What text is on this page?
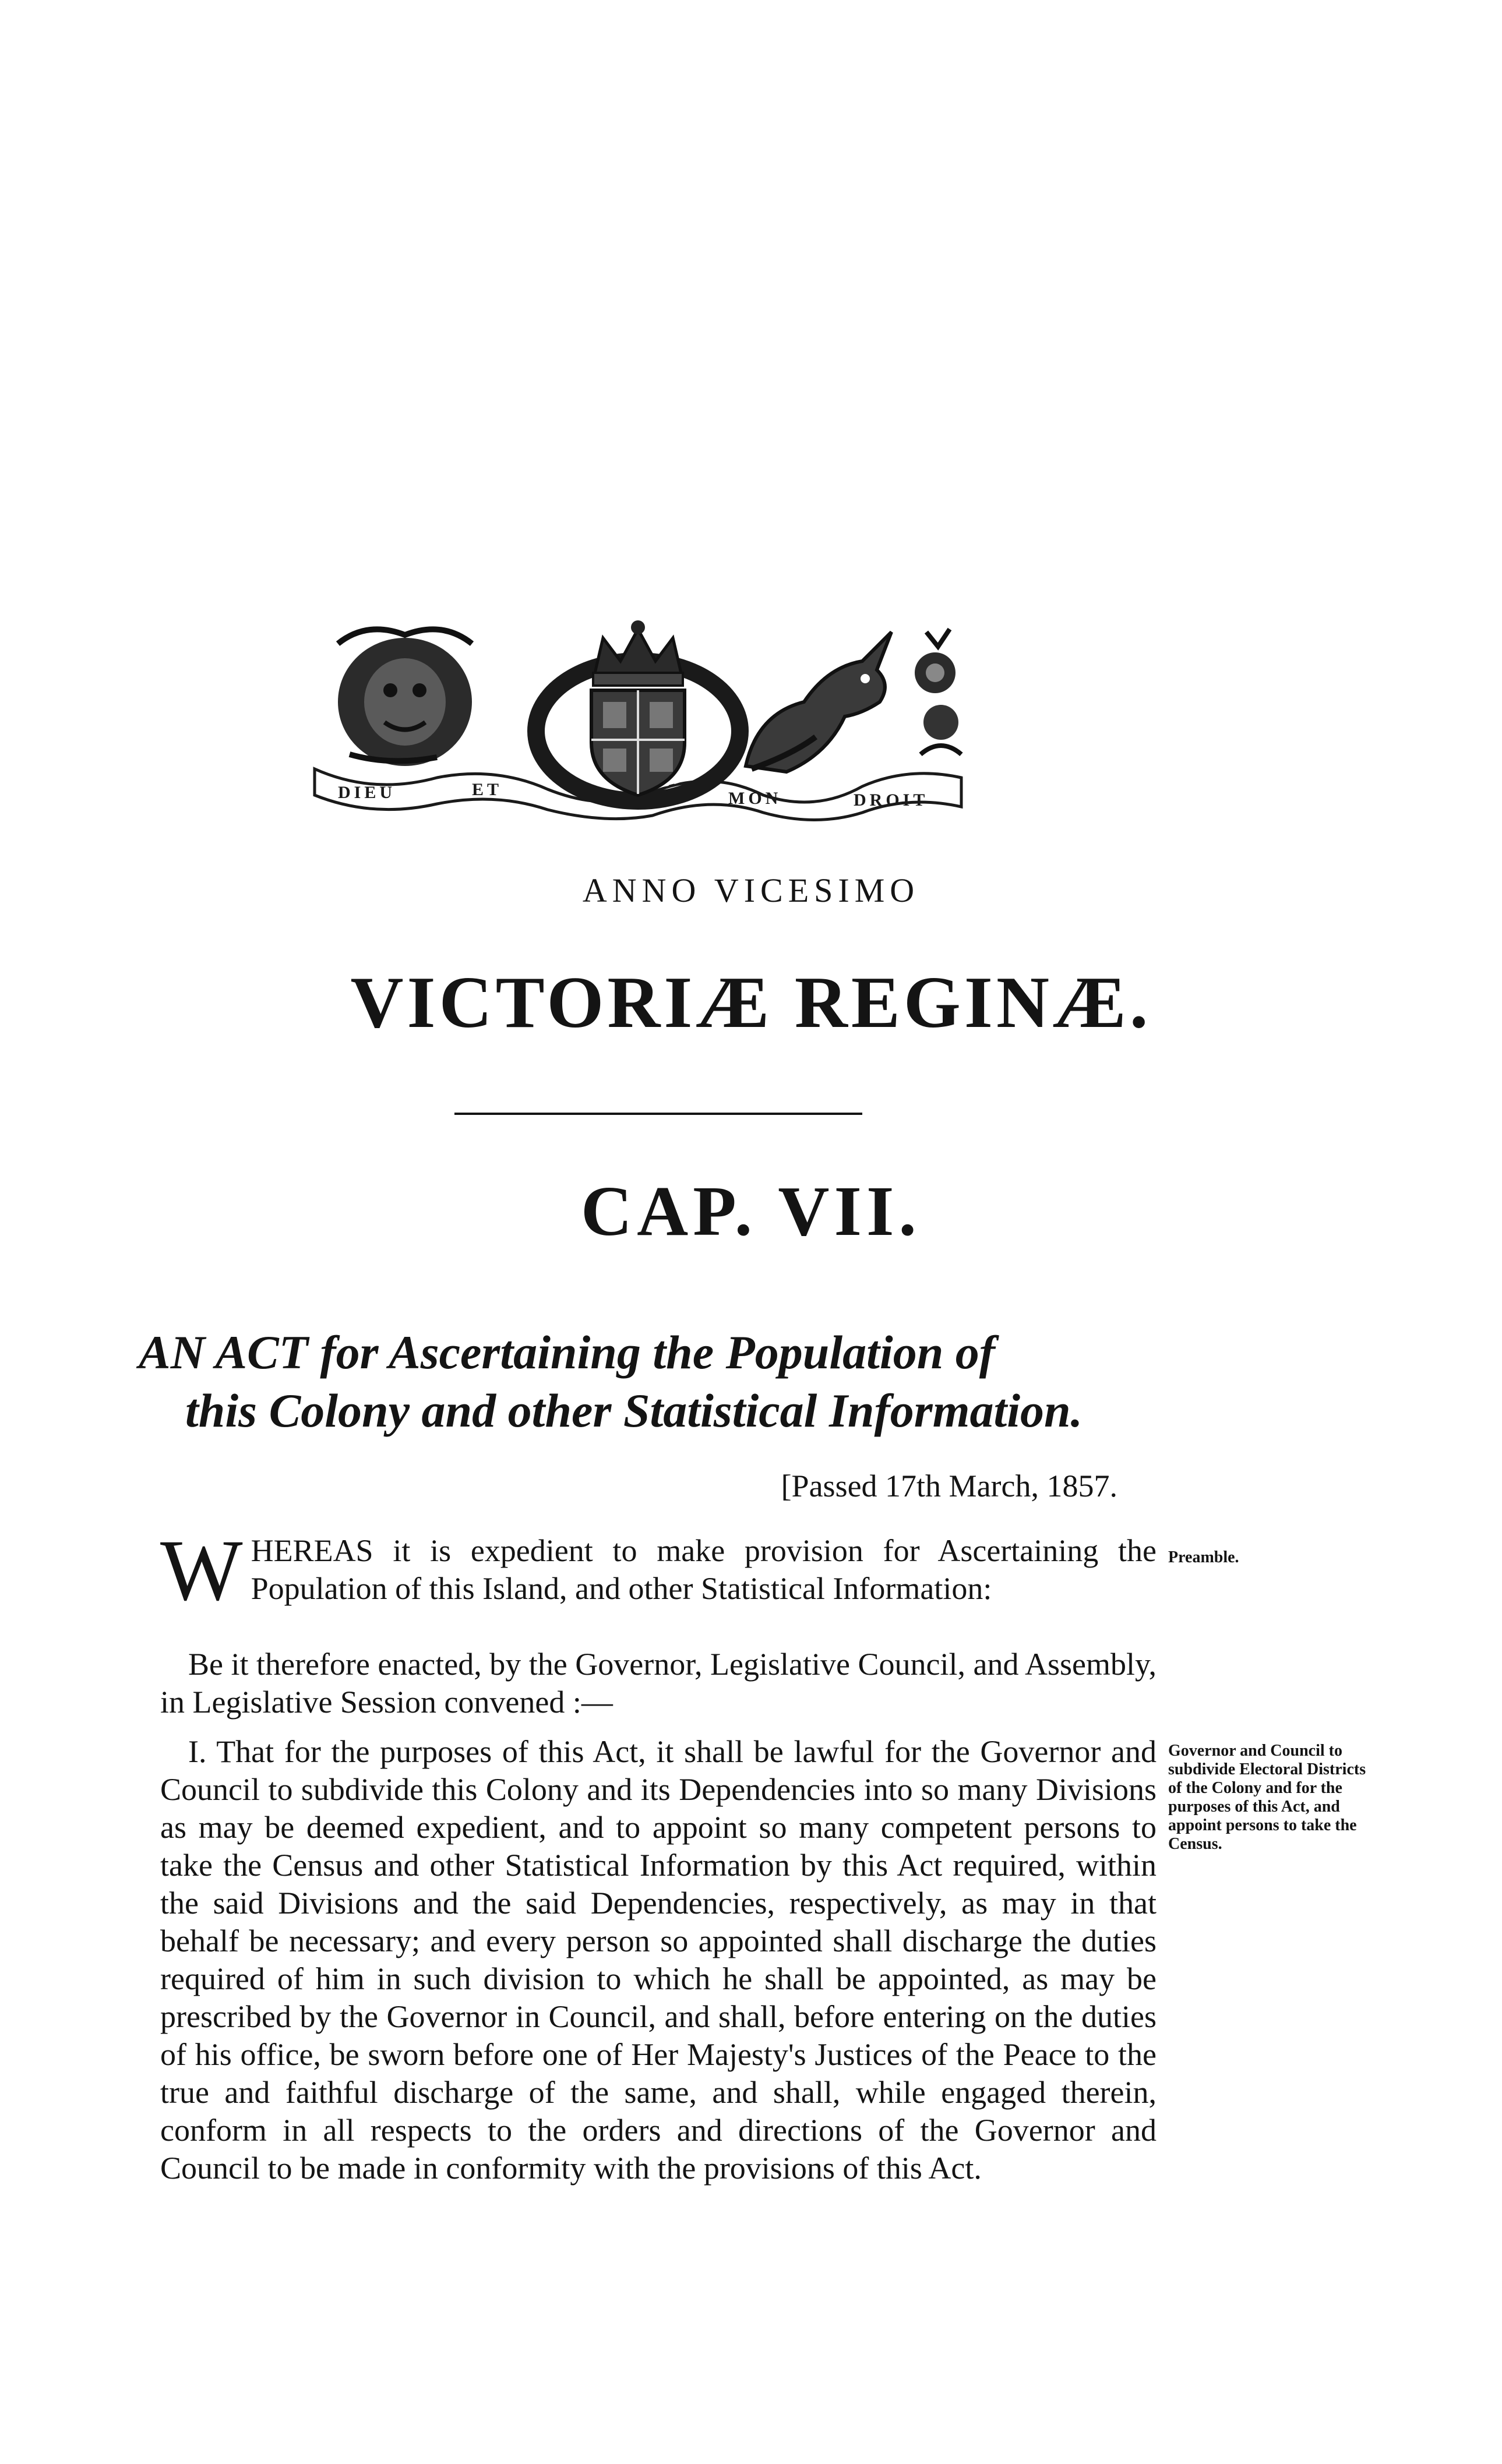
DIEU	ET	MON	DROIT
ANNO VICESIMO
VICTORIÆ REGINÆ.
CAP. VII.
AN ACT for Ascertaining the Population of
this Colony and other Statistical Information.
[Passed 17th March, 1857.
WHEREAS it is expedient to make provision for Ascertaining the Population of this Island, and other Statistical Information:
Preamble.
Be it therefore enacted, by the Governor, Legislative Council, and Assembly, in Legislative Session convened :—
I. That for the purposes of this Act, it shall be lawful for the Governor and Council to subdivide this Colony and its Dependencies into so many Divisions as may be deemed expedient, and to appoint so many competent persons to take the Census and other Statistical Information by this Act required, within the said Divisions and the said Dependencies, respectively, as may in that behalf be necessary; and every person so appointed shall discharge the duties required of him in such division to which he shall be appointed, as may be prescribed by the Governor in Council, and shall, before entering on the duties of his office, be sworn before one of Her Majesty's Justices of the Peace to the true and faithful discharge of the same, and shall, while engaged therein, conform in all respects to the orders and directions of the Governor and Council to be made in conformity with the provisions of this Act.
Governor and Council to subdivide Electoral Districts of the Colony and for the purposes of this Act, and appoint persons to take the Census.
